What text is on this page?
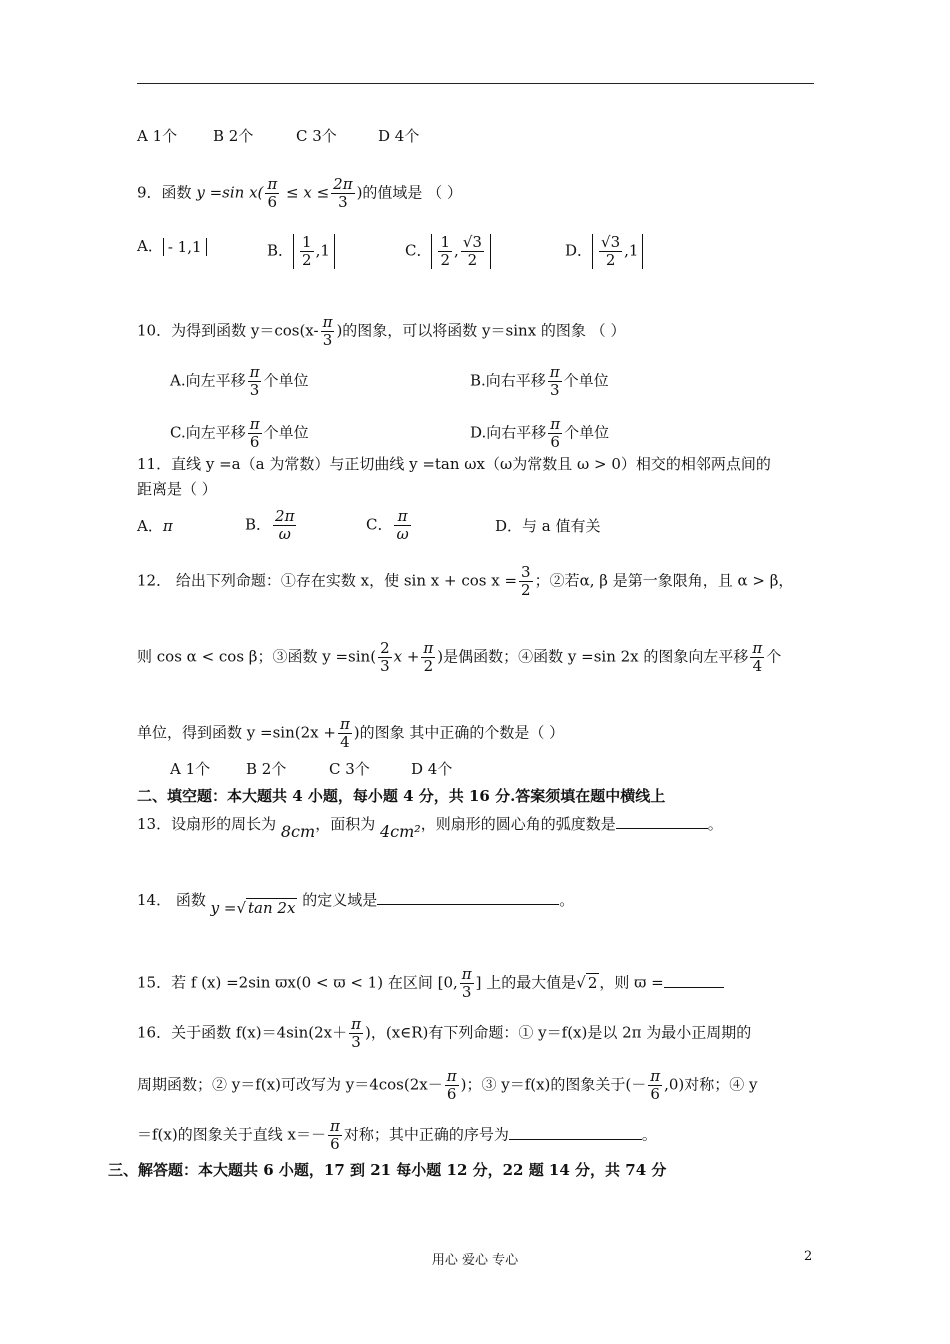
A 1个 B 2个	C 3个	D 4个
9．函数 y =sin $x( \frac{\pi}{6} \le x \le \frac{2\pi}{3}$ )的值域是 （ ）
A． - 1,1	B． $\frac{1}{2} ,1$	C． $\frac{1}{2}$ , $\frac{√3}{2}$	D． $\frac{√3}{2} ,1$
10．为得到函数 $y=\cos(x- \frac{\pi}{3}$ )的图象，可以将函数 y＝sinx 的图象 （ ）
A.向左平移 $\frac{\pi}{3}$ 个单位	B.向右平移 $\frac{\pi}{3}$ 个单位
C.向左平移 $\frac{\pi}{6}$ 个单位	D.向右平移 $\frac{\pi}{6}$ 个单位
11．直线 y =a（a 为常数）与正切曲线 y =tan ωx（ω为常数且 ω > 0）相交的相邻两点间的
距离是（ ）
A．π	B． $\frac{2\pi}{\omega}$	C． $\frac{\pi}{\omega}$	D．与 a 值有关
12． 给出下列命题：①存在实数 x，使 $\sin x + \cos x = \frac{3}{2}$ ；②若α, β 是第一象限角，且 α > β，
则 cos α < cos β；③函数 $y =\sin( \frac{2}{3}$ $x + \frac{\pi}{2}$ )是偶函数；④函数 y =sin 2x 的图象向左平移 $\frac{\pi}{4}$ 个
单位，得到函数 $y =\sin(2x + \frac{\pi}{4}$ )的图象 其中正确的个数是（ ）
A 1个 B 2个	C 3个	D 4个
二、填空题：本大题共 4 小题，每小题 4 分，共 16 分.答案须填在题中横线上
13．设扇形的周长为 8cm，面积为 4cm²，则扇形的圆心角的弧度数是	。
14． 函数 y =√ tan 2x 的定义域是	。
15．若 f (x) =2sin ϖx(0 < ϖ < 1) 在区间 [0, $\frac{\pi}{3}$ ] 上的最大值是√ 2 ，则 ϖ =
16．关于函数 $f(x)=4\sin(2x+ \frac{\pi}{3}$ )，(x∈R)有下列命题：① y＝f(x)是以 2π 为最小正周期的
周期函数；② y＝f(x)可改写为 $y=4\cos(2x- \frac{\pi}{6}$ )；③ y＝f(x)的图象关于(－ $\frac{\pi}{6} ,0$)对称；④ y
＝f(x)的图象关于直线 $x=- \frac{\pi}{6}$ 对称；其中正确的序号为	。
三、解答题：本大题共 6 小题，17 到 21 每小题 12 分，22 题 14 分，共 74 分
用心 爱心 专心	2
